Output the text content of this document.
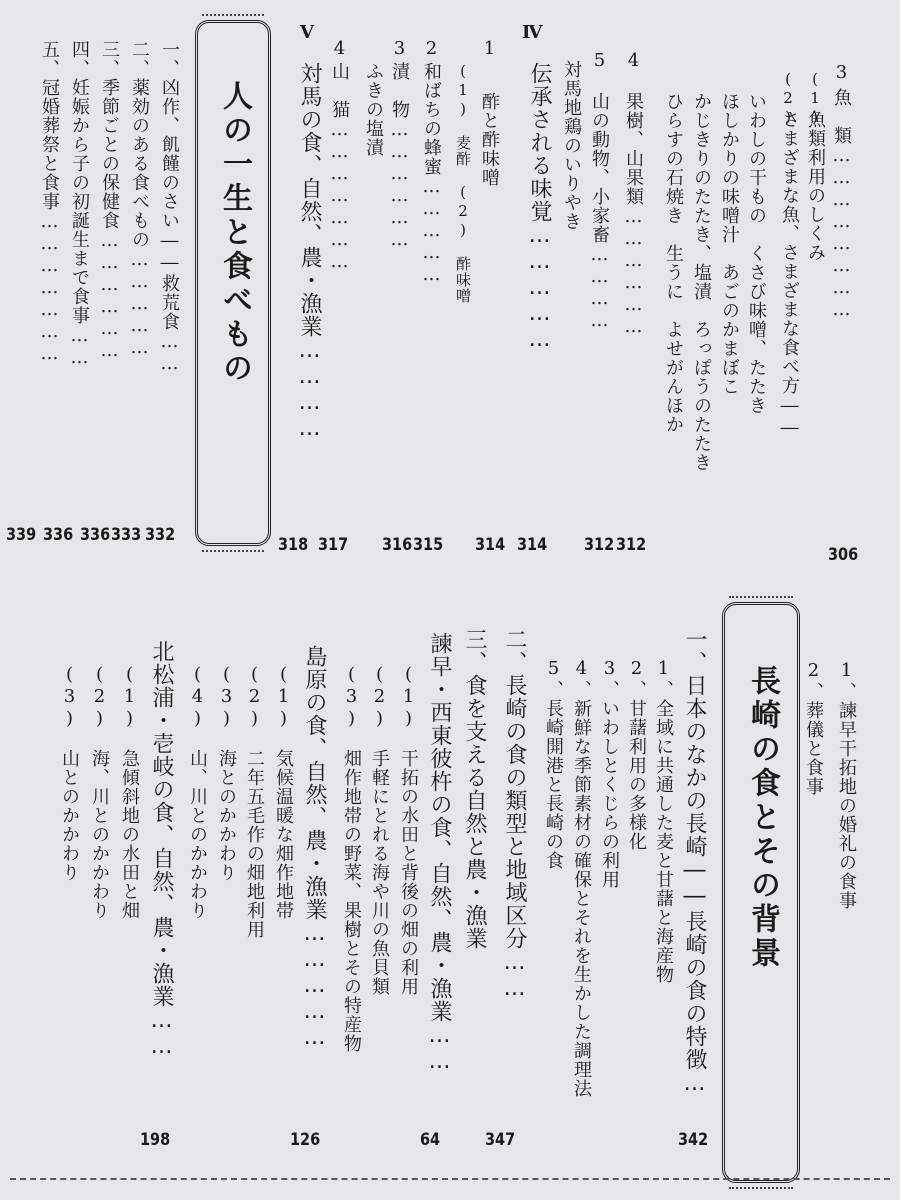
3
魚　類……………………
306
(1)
魚類利用のしくみ
(2)
さまざまな魚、さまざまな食べ方――
いわしの干もの　くさび味噌、たたき
ほしかりの味噌汁　あごのかまぼこ
かじきりのたたき、塩漬　ろっぽうのたたき
ひらすの石焼き　生うに　よせがんほか
4
果樹、山果類………………
312
5
山の動物、小家畜…………
312
対馬地鶏のいりやき
Ⅳ
伝承される味覚……………
314
1
酢と酢味噌
314
(1)　麦酢　(2)　酢味噌
2
和ばちの蜂蜜……………
315
3
漬　物………………
316
ふきの塩漬
4
山　猫…………………
317
Ⅴ
対馬の食、自然、農・漁業…………
318
人の一生と食べもの
一、凶作、飢饉のさい――救荒食……
332
二、薬効のある食べもの……………
333
三、季節ごとの保健食………………
336
四、妊娠から子の初誕生まで食事……
336
五、冠婚葬祭と食事…………………
339
1、諫早干拓地の婚礼の食事
2、葬儀と食事
長崎の食とその背景
一、日本のなかの長崎――長崎の食の特徴…
342
1、全域に共通した麦と甘藷と海産物
2、甘藷利用の多様化
3、いわしとくじらの利用
4、新鮮な季節素材の確保とそれを生かした調理法
5、長崎開港と長崎の食
二、長崎の食の類型と地域区分……
347
三、食を支える自然と農・漁業
諫早・西東彼杵の食、自然、農・漁業……
64
(1)　干拓の水田と背後の畑の利用
(2)　手軽にとれる海や川の魚貝類
(3)　畑作地帯の野菜、果樹とその特産物
島原の食、自然、農・漁業……………
126
(1)　気候温暖な畑作地帯
(2)　二年五毛作の畑地利用
(3)　海とのかかわり
(4)　山、川とのかかわり
北松浦・壱岐の食、自然、農・漁業……
198
(1)　急傾斜地の水田と畑
(2)　海、川とのかかわり
(3)　山とのかかわり
